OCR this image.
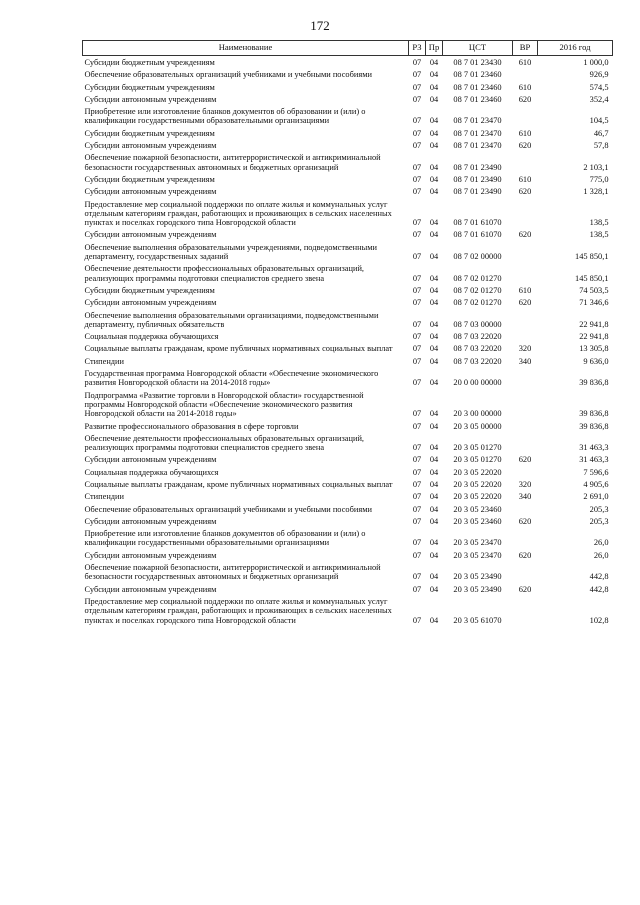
172
Наименование	РЗ	Пр	ЦСТ	ВР	2016 год
Субсидии бюджетным учреждениям	07	04	08 7 01 23430	610	1 000,0
Обеспечение образовательных организаций учебниками и учебными пособиями	07	04	08 7 01 23460		926,9
Субсидии бюджетным учреждениям	07	04	08 7 01 23460	610	574,5
Субсидии автономным учреждениям	07	04	08 7 01 23460	620	352,4
Приобретение или изготовление бланков документов об образовании и (или) о квалификации государственными образовательными организациями	07	04	08 7 01 23470		104,5
Субсидии бюджетным учреждениям	07	04	08 7 01 23470	610	46,7
Субсидии автономным учреждениям	07	04	08 7 01 23470	620	57,8
Обеспечение пожарной безопасности, антитеррористической и антикриминальной безопасности государственных автономных и бюджетных организаций	07	04	08 7 01 23490		2 103,1
Субсидии бюджетным учреждениям	07	04	08 7 01 23490	610	775,0
Субсидии автономным учреждениям	07	04	08 7 01 23490	620	1 328,1
Предоставление мер социальной поддержки по оплате жилья и коммунальных услуг отдельным категориям граждан, работающих и проживающих в сельских населенных пунктах и поселках городского типа Новгородской области	07	04	08 7 01 61070		138,5
Субсидии автономным учреждениям	07	04	08 7 01 61070	620	138,5
Обеспечение выполнения образовательными учреждениями, подведомственными департаменту, государственных заданий	07	04	08 7 02 00000		145 850,1
Обеспечение деятельности профессиональных образовательных организаций, реализующих программы подготовки специалистов среднего звена	07	04	08 7 02 01270		145 850,1
Субсидии бюджетным учреждениям	07	04	08 7 02 01270	610	74 503,5
Субсидии автономным учреждениям	07	04	08 7 02 01270	620	71 346,6
Обеспечение выполнения образовательными организациями, подведомственными департаменту, публичных обязательств	07	04	08 7 03 00000		22 941,8
Социальная поддержка обучающихся	07	04	08 7 03 22020		22 941,8
Социальные выплаты гражданам, кроме публичных нормативных социальных выплат	07	04	08 7 03 22020	320	13 305,8
Стипендии	07	04	08 7 03 22020	340	9 636,0
Государственная программа Новгородской области «Обеспечение экономического развития Новгородской области на 2014-2018 годы»	07	04	20 0 00 00000		39 836,8
Подпрограмма «Развитие торговли в Новгородской области» государственной программы Новгородской области «Обеспечение экономического развития Новгородской области на 2014-2018 годы»	07	04	20 3 00 00000		39 836,8
Развитие профессионального образования в сфере торговли	07	04	20 3 05 00000		39 836,8
Обеспечение деятельности профессиональных образовательных организаций, реализующих программы подготовки специалистов среднего звена	07	04	20 3 05 01270		31 463,3
Субсидии автономным учреждениям	07	04	20 3 05 01270	620	31 463,3
Социальная поддержка обучающихся	07	04	20 3 05 22020		7 596,6
Социальные выплаты гражданам, кроме публичных нормативных социальных выплат	07	04	20 3 05 22020	320	4 905,6
Стипендии	07	04	20 3 05 22020	340	2 691,0
Обеспечение образовательных организаций учебниками и учебными пособиями	07	04	20 3 05 23460		205,3
Субсидии автономным учреждениям	07	04	20 3 05 23460	620	205,3
Приобретение или изготовление бланков документов об образовании и (или) о квалификации государственными образовательными организациями	07	04	20 3 05 23470		26,0
Субсидии автономным учреждениям	07	04	20 3 05 23470	620	26,0
Обеспечение пожарной безопасности, антитеррористической и антикриминальной безопасности государственных автономных и бюджетных организаций	07	04	20 3 05 23490		442,8
Субсидии автономным учреждениям	07	04	20 3 05 23490	620	442,8
Предоставление мер социальной поддержки по оплате жилья и коммунальных услуг отдельным категориям граждан, работающих и проживающих в сельских населенных пунктах и поселках городского типа Новгородской области	07	04	20 3 05 61070		102,8
